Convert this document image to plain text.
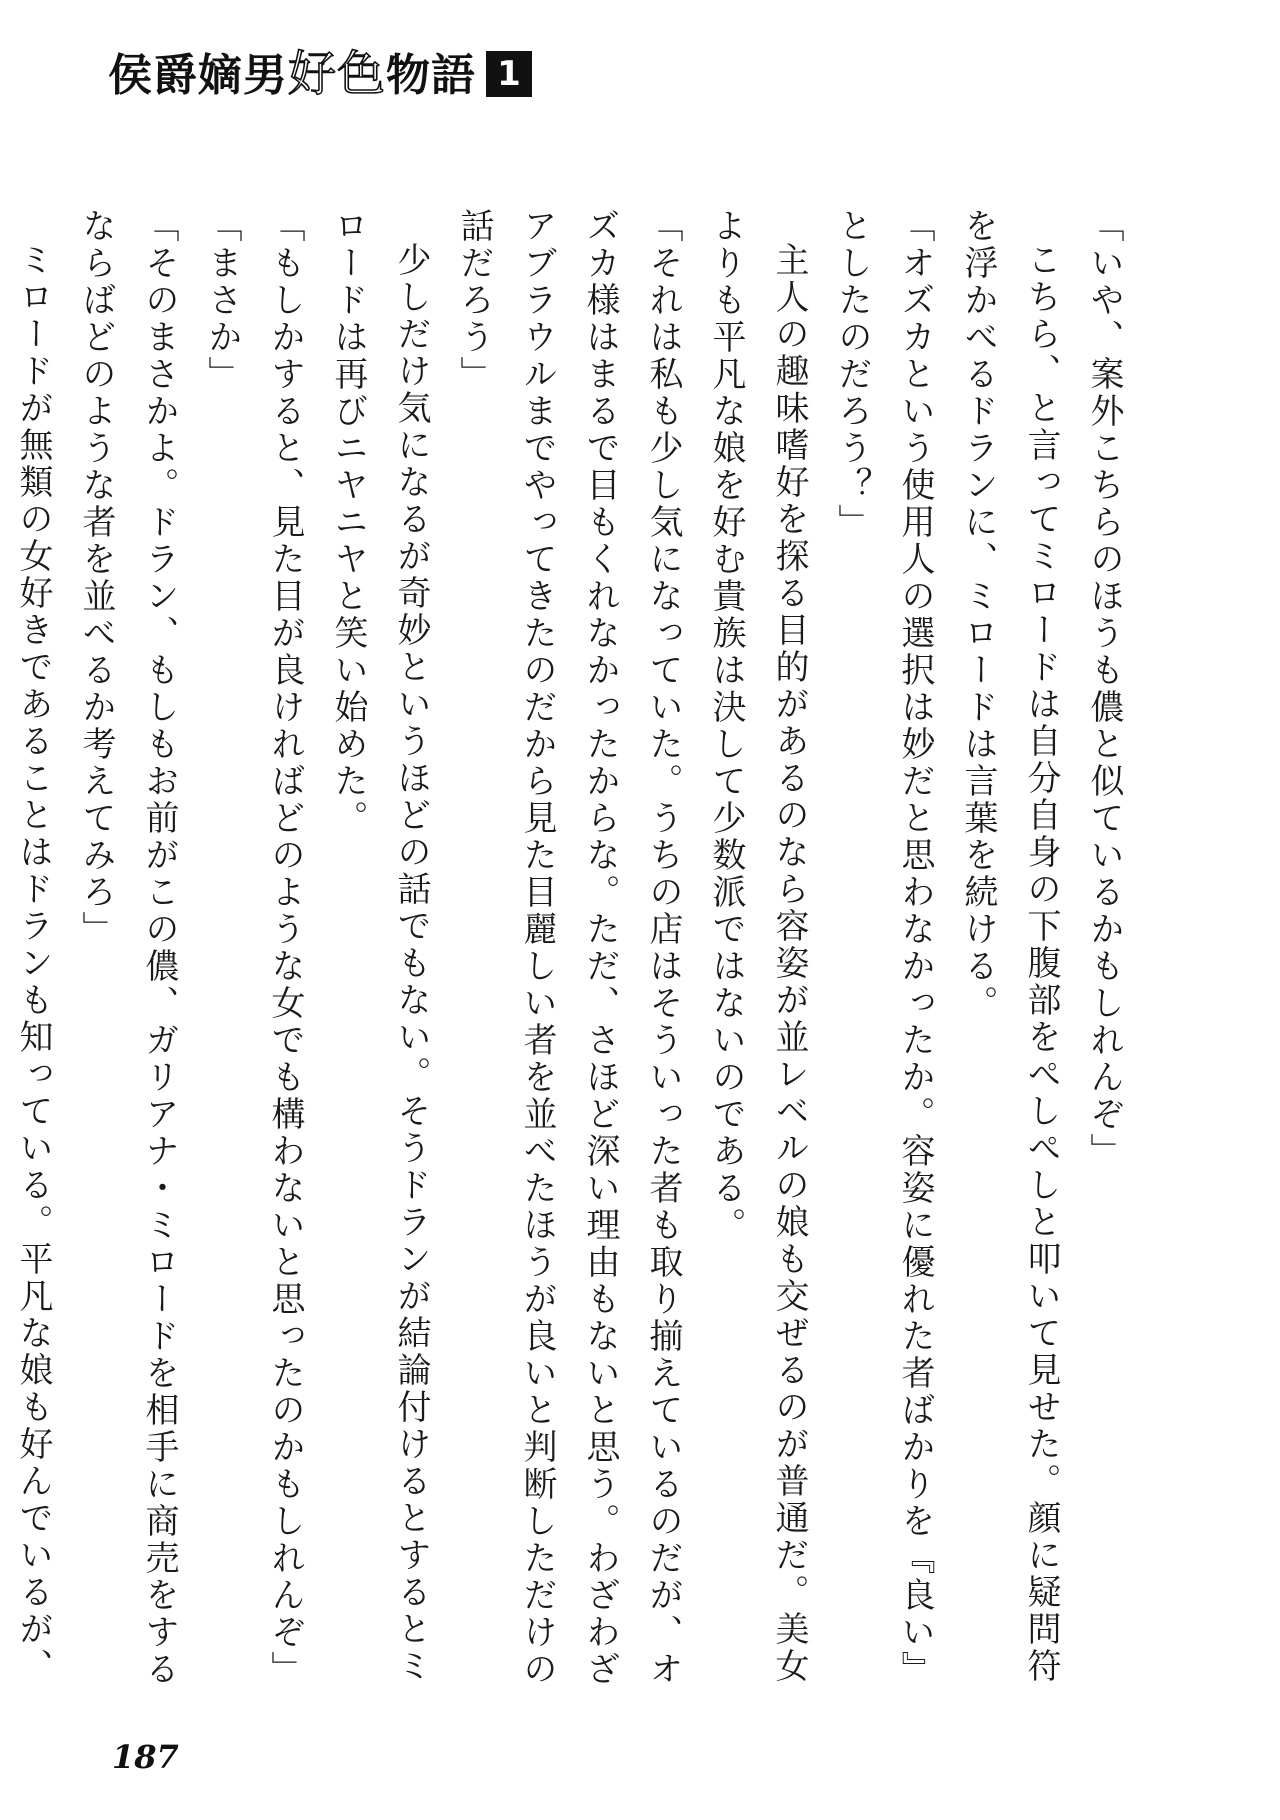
侯爵嫡男好色物語 1

「いや、案外こちらのほうも儂と似ているかもしれんぞ」

こちら、と言ってミロードは自分自身の下腹部をぺしぺしと叩いて見せた。顔に疑問符を浮かべるドランに、ミロードは言葉を続ける。

「オズカという使用人の選択は妙だと思わなかったか。容姿に優れた者ばかりを『良い』としたのだろう？」

主人の趣味嗜好を探る目的があるのなら容姿が並レベルの娘も交ぜるのが普通だ。美女よりも平凡な娘を好む貴族は決して少数派ではないのである。

「それは私も少し気になっていた。うちの店はそういった者も取り揃えているのだが、オズカ様はまるで目もくれなかったからな。ただ、さほど深い理由もないと思う。わざわざアブラウルまでやってきたのだから見た目麗しい者を並べたほうが良いと判断しただけの話だろう」

少しだけ気になるが奇妙というほどの話でもない。そうドランが結論付けるとするとミロードは再びニヤニヤと笑い始めた。

「もしかすると、見た目が良ければどのような女でも構わないと思ったのかもしれんぞ」

「まさか」

「そのまさかよ。ドラン、もしもお前がこの儂、ガリアナ・ミロードを相手に商売をするならばどのような者を並べるか考えてみろ」

ミロードが無類の女好きであることはドランも知っている。平凡な娘も好んでいるが、

187
